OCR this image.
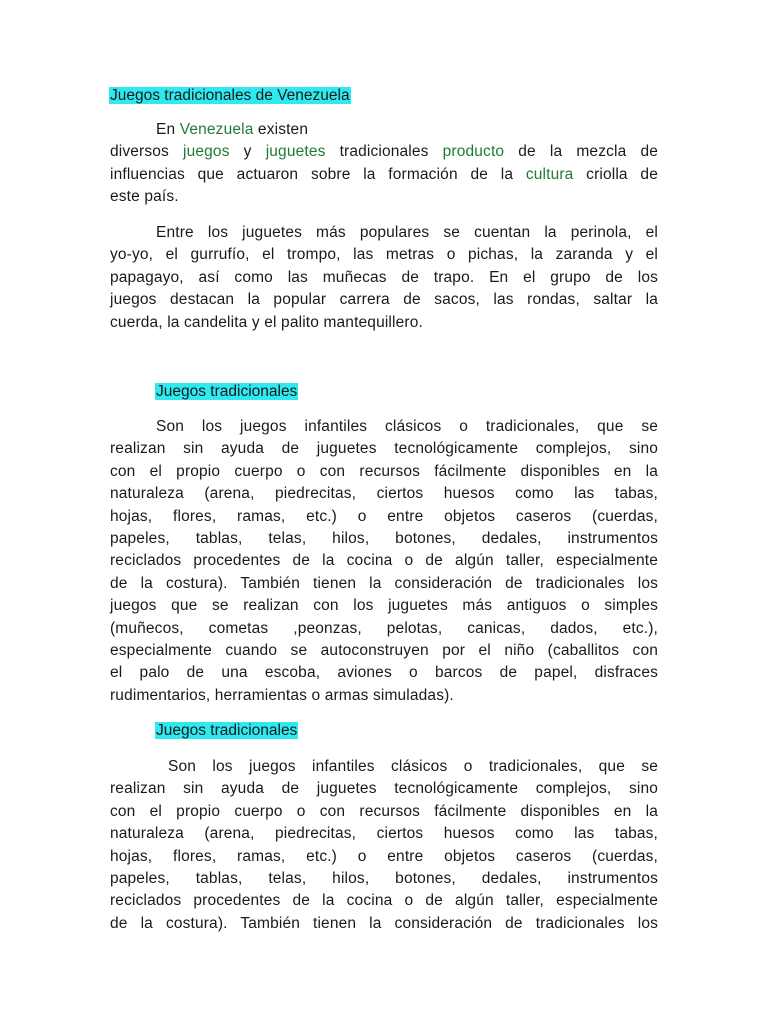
Juegos tradicionales de Venezuela
En Venezuela existen
diversos juegos y juguetes tradicionales producto de la mezcla de
influencias que actuaron sobre la formación de la cultura criolla de
este país.
Entre los juguetes más populares se cuentan la perinola, el
yo-yo, el gurrufío, el trompo, las metras o pichas, la zaranda y el
papagayo, así como las muñecas de trapo. En el grupo de los
juegos destacan la popular carrera de sacos, las rondas, saltar la
cuerda, la candelita y el palito mantequillero.
Juegos tradicionales
Son los juegos infantiles clásicos o tradicionales, que se
realizan sin ayuda de juguetes tecnológicamente complejos, sino
con el propio cuerpo o con recursos fácilmente disponibles en la
naturaleza (arena, piedrecitas, ciertos huesos como las tabas,
hojas, flores, ramas, etc.) o entre objetos caseros (cuerdas,
papeles, tablas, telas, hilos, botones, dedales, instrumentos
reciclados procedentes de la cocina o de algún taller, especialmente
de la costura). También tienen la consideración de tradicionales los
juegos que se realizan con los juguetes más antiguos o simples
(muñecos, cometas ,peonzas, pelotas, canicas, dados, etc.),
especialmente cuando se autoconstruyen por el niño (caballitos con
el palo de una escoba, aviones o barcos de papel, disfraces
rudimentarios, herramientas o armas simuladas).
Juegos tradicionales
Son los juegos infantiles clásicos o tradicionales, que se
realizan sin ayuda de juguetes tecnológicamente complejos, sino
con el propio cuerpo o con recursos fácilmente disponibles en la
naturaleza (arena, piedrecitas, ciertos huesos como las tabas,
hojas, flores, ramas, etc.) o entre objetos caseros (cuerdas,
papeles, tablas, telas, hilos, botones, dedales, instrumentos
reciclados procedentes de la cocina o de algún taller, especialmente
de la costura). También tienen la consideración de tradicionales los
